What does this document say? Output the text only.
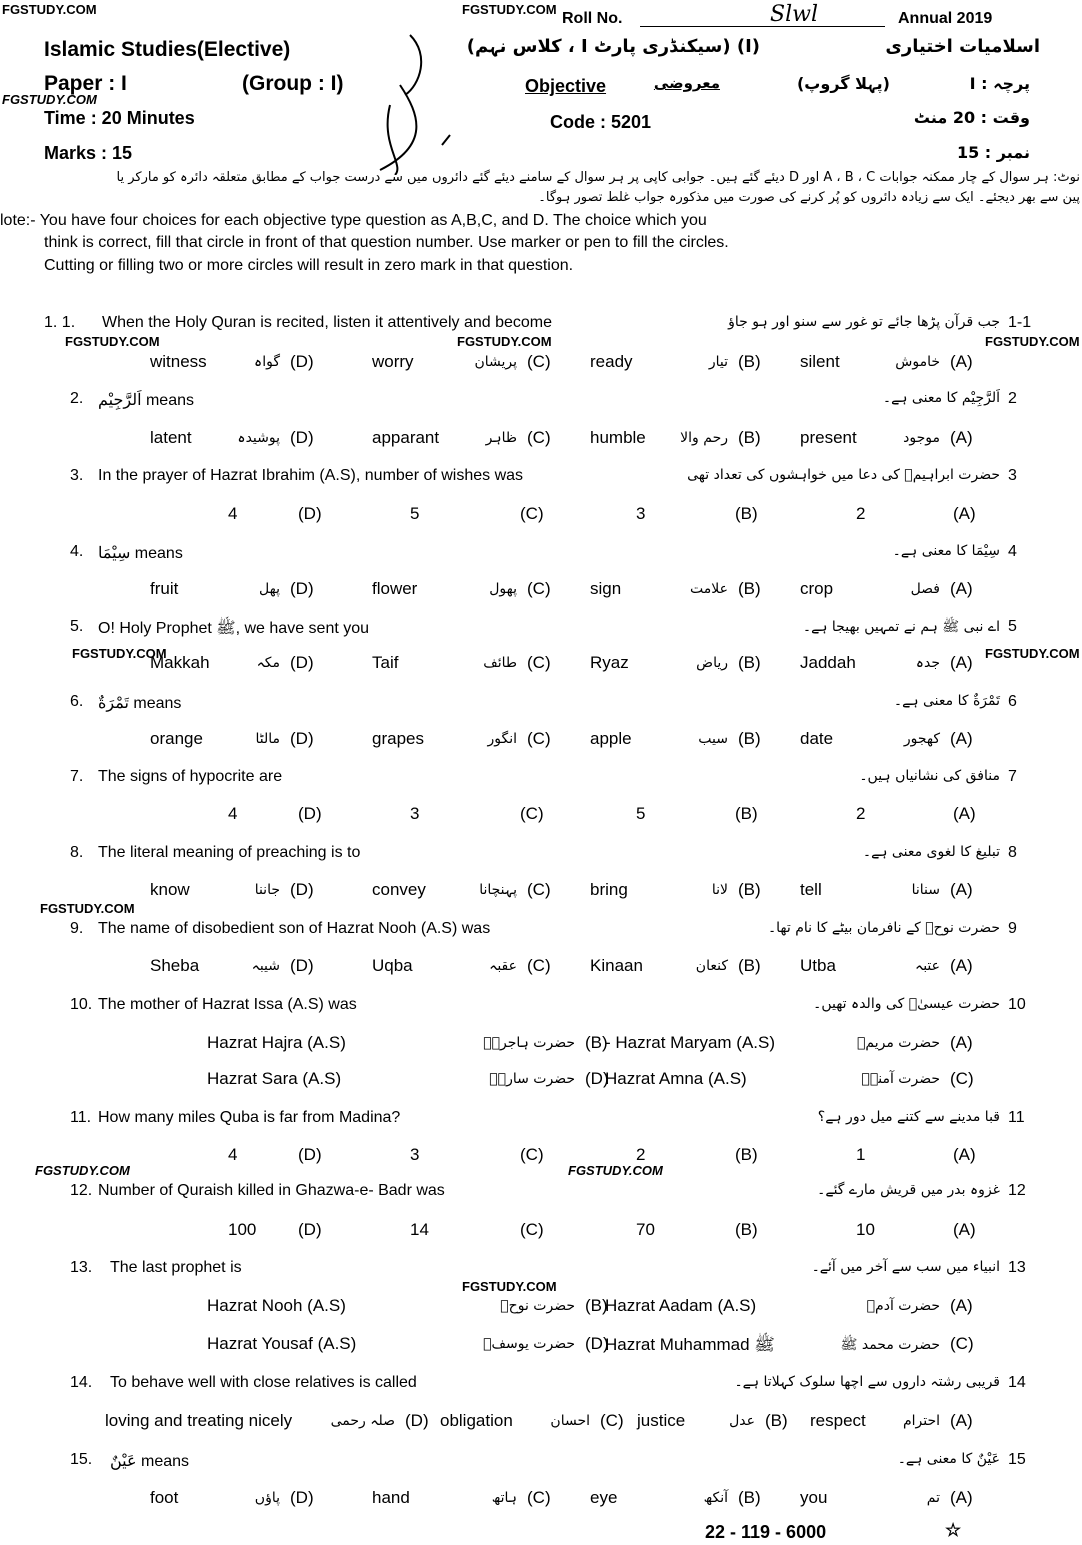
FGSTUDY.COM	FGSTUDY.COM
Roll No.	Slwl	Annual 2019
Islamic Studies(Elective)	(I) (سیکنڈری پارٹ I ، کلاس نہم)	اسلامیات اختیاری
Paper : I	(Group : I)	Objective	معروضی	(پہلا گروپ)	پرچہ : I
FGSTUDY.COM
Time : 20 Minutes	Code : 5201	وقت : 20 منٹ
Marks : 15	نمبر : 15
نوٹ: ہر سوال کے چار ممکنہ جوابات A ، B ، C اور D دیئے گئے ہیں۔ جوابی کاپی پر ہر سوال کے سامنے دیئے گئے دائروں میں سے درست جواب کے مطابق متعلقہ دائرہ کو مارکر یا
پین سے بھر دیجئے۔ ایک سے زیادہ دائروں کو پُر کرنے کی صورت میں مذکورہ جواب غلط تصور ہوگا۔
lote:- You have four choices for each objective type question as A,B,C, and D. The choice which you
think is correct, fill that circle in front of that question number. Use marker or pen to fill the circles.
Cutting or filling two or more circles will result in zero mark in that question.
1. 1. When the Holy Quran is recited, listen it attentively and become	جب قرآن پڑھا جائے تو غور سے سنو اور ہو جاؤ 1-1
witness	گواہ (D)	worry	پریشان (C) ready	تیار (B) silent	خاموش (A)
2. اَلرَّجِیْم means	اَلرَّجِیْم کا معنی ہے۔ 2
latent	پوشیدہ (D)	apparant	ظاہر (C) humble	رحم والا (B) present	موجود (A)
3. In the prayer of Hazrat Ibrahim (A.S), number of wishes was	حضرت ابراہیمؑ کی دعا میں خواہشوں کی تعداد تھی 3
4	(D)	5	(C)	3	(B)	2	(A)
4. سِیْمَا means	سِیْمَا کا معنی ہے۔ 4
fruit	پھل (D)	flower	پھول (C) sign	علامت (B) crop	فصل (A)
5. O! Holy Prophet ﷺ, we have sent you	اے نبی ﷺ ہم نے تمہیں بھیجا ہے۔ 5
Makkah	مکہ (D)	Taif	طائف (C) Ryaz	ریاض (B) Jaddah	جدہ (A)
6. تَمْرَةٌ means	تَمْرَةٌ کا معنی ہے۔ 6
orange	مالٹا (D)	grapes	انگور (C) apple	سیب (B) date	کھجور (A)
7. The signs of hypocrite are	منافق کی نشانیاں ہیں۔ 7
4	(D)	3	(C)	5	(B)	2	(A)
8. The literal meaning of preaching is to	تبلیغ کا لغوی معنی ہے۔ 8
know	جاننا (D)	convey	پہنچانا (C) bring	لانا (B) tell	سنانا (A)
9. The name of disobedient son of Hazrat Nooh (A.S) was	حضرت نوحؑ کے نافرمان بیٹے کا نام تھا۔ 9
Sheba	شیبہ (D)	Uqba	عقبہ (C) Kinaan	کنعان (B) Utba	عتبہ (A)
10. The mother of Hazrat Issa (A.S) was	حضرت عیسیٰؑ کی والدہ تھیں۔ 10
Hazrat Hajra (A.S)	حضرت ہاجرہؑ (B)
- Hazrat Maryam (A.S)	حضرت مریمؑ (A)
Hazrat Sara (A.S)	حضرت سارہؑ (D)
Hazrat Amna (A.S)	حضرت آمنہؑ (C)
11. How many miles Quba is far from Madina?	قبا مدینے سے کتنے میل دور ہے؟ 11
4	(D)	3	(C)	2	(B)	1	(A)
12. Number of Quraish killed in Ghazwa-e- Badr was	غزوہ بدر میں قریش مارے گئے۔ 12
100 (D)	14	(C)	70	(B)	10	(A)
13. The last prophet is	انبیاء میں سب سے آخر میں آئے۔ 13
Hazrat Nooh (A.S)	حضرت نوحؑ (B)
Hazrat Aadam (A.S)	حضرت آدمؑ (A)
Hazrat Yousaf (A.S)	حضرت یوسفؑ (D)
Hazrat Muhammad ﷺ	حضرت محمد ﷺ (C)
14. To behave well with close relatives is called	قریبی رشتہ داروں سے اچھا سلوک کہلاتا ہے۔ 14
loving and treating nicely	صلہ رحمی (D) obligation	احسان (C) justice	عدل (B) respect	احترام (A)
15. عَیْنٌ means	عَیْنٌ کا معنی ہے۔ 15
foot	پاؤں (D)	hand	ہاتھ (C) eye	آنکھ (B) you	تم (A)
FGSTUDY.COM	FGSTUDY.COM	FGSTUDY.COM
FGSTUDY.COM	FGSTUDY.COM
FGSTUDY.COM
FGSTUDY.COM	FGSTUDY.COM
FGSTUDY.COM
22 - 119 - 6000	☆
